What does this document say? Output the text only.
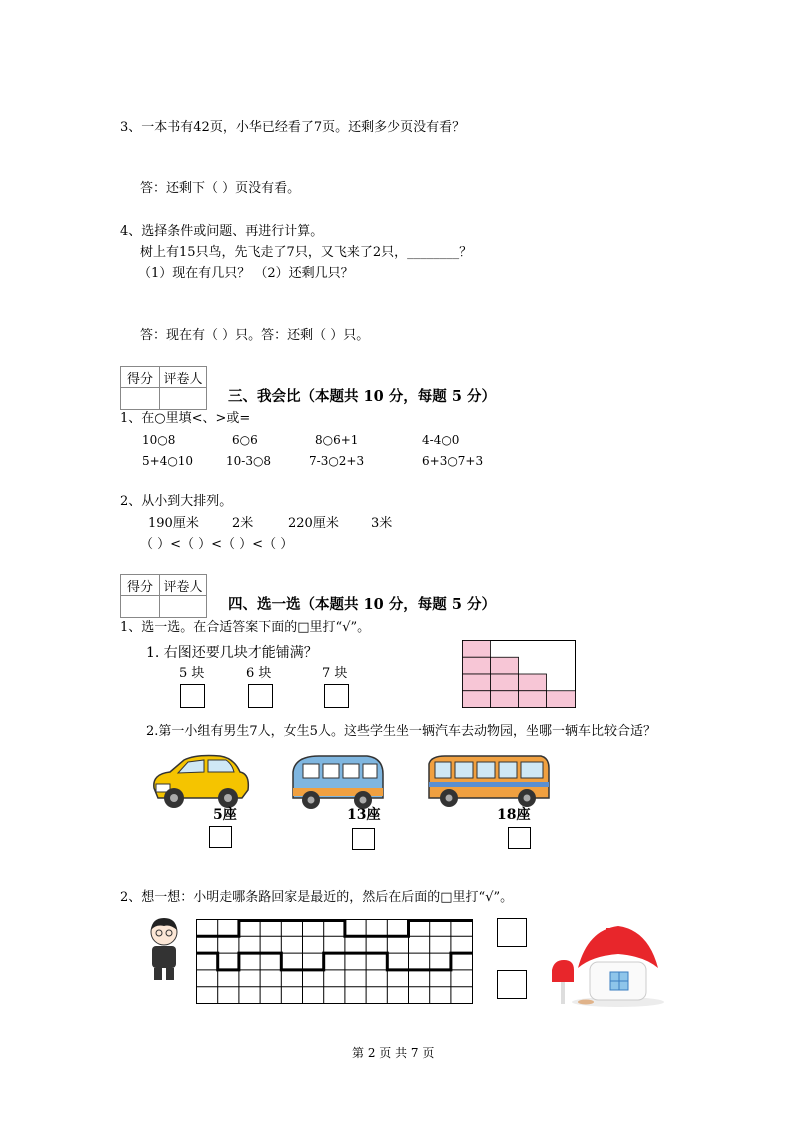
3、一本书有42页，小华已经看了7页。还剩多少页没有看？
答：还剩下（ ）页没有看。
4、选择条件或问题、再进行计算。
树上有15只鸟，先飞走了7只，又飞来了2只，________？
（1）现在有几只？ （2）还剩几只？
答：现在有（ ）只。答：还剩（ ）只。
得分	评卷人

三、我会比（本题共 10 分，每题 5 分）
1、在○里填<、>或=
10○8	6○6	8○6+1	4-4○0
5+4○10	10-3○8	7-3○2+3	6+3○7+3
2、从小到大排列。
190厘米	2米	220厘米 3米
（ ）<（ ）<（ ）<（ ）
得分	评卷人

四、选一选（本题共 10 分，每题 5 分）
1、选一选。在合适答案下面的□里打“√”。
1. 右图还要几块才能铺满？
5 块	6 块	7 块
2.第一小组有男生7人，女生5人。这些学生坐一辆汽车去动物园，坐哪一辆车比较合适？
5座	13座	18座
2、想一想：小明走哪条路回家是最近的，然后在后面的□里打“√”。
第 2 页 共 7 页
